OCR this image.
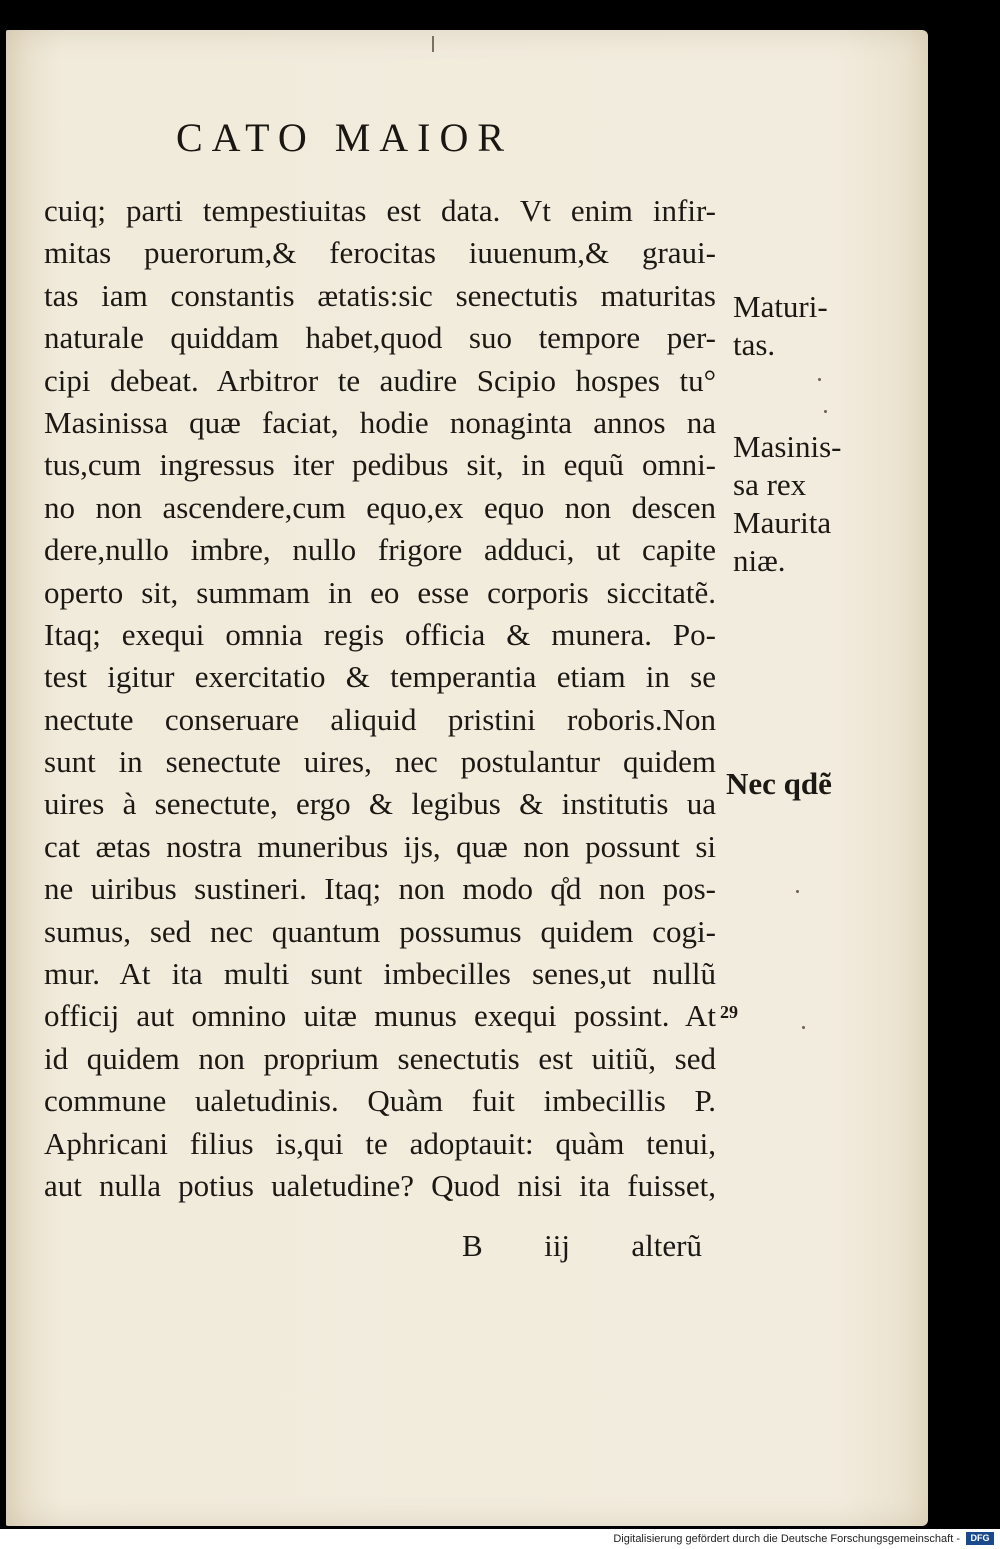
CATO MAIOR
cuiq; parti tempestiuitas est data. Vt enim infir-
mitas puerorum,& ferocitas iuuenum,& graui-
tas iam constantis ætatis:sic senectutis maturitas
naturale quiddam habet,quod suo tempore per-
cipi debeat. Arbitror te audire Scipio hospes tu°
Masinissa quæ faciat, hodie nonaginta annos na
tus,cum ingressus iter pedibus sit, in equũ omni-
no non ascendere,cum equo,ex equo non descen
dere,nullo imbre, nullo frigore adduci, ut capite
operto sit, summam in eo esse corporis siccitatẽ.
Itaq; exequi omnia regis officia & munera. Po-
test igitur exercitatio & temperantia etiam in se
nectute conseruare aliquid pristini roboris.Non
sunt in senectute uires, nec postulantur quidem
uires à senectute, ergo & legibus & institutis ua
cat ætas nostra muneribus ijs, quæ non possunt si
ne uiribus sustineri. Itaq; non modo q̊d non pos-
sumus, sed nec quantum possumus quidem cogi-
mur. At ita multi sunt imbecilles senes,ut nullũ
officij aut omnino uitæ munus exequi possint. At
id quidem non proprium senectutis est uitiũ, sed
commune ualetudinis. Quàm fuit imbecillis P.
Aphricani filius is,qui te adoptauit: quàm tenui,
aut nulla potius ualetudine? Quod nisi ita fuisset,
B iij alterũ
Maturi-
tas.
Masinis-
sa rex
Maurita
niæ.
Nec qdẽ
29
Digitalisierung gefördert durch die Deutsche Forschungsgemeinschaft -	DFG
